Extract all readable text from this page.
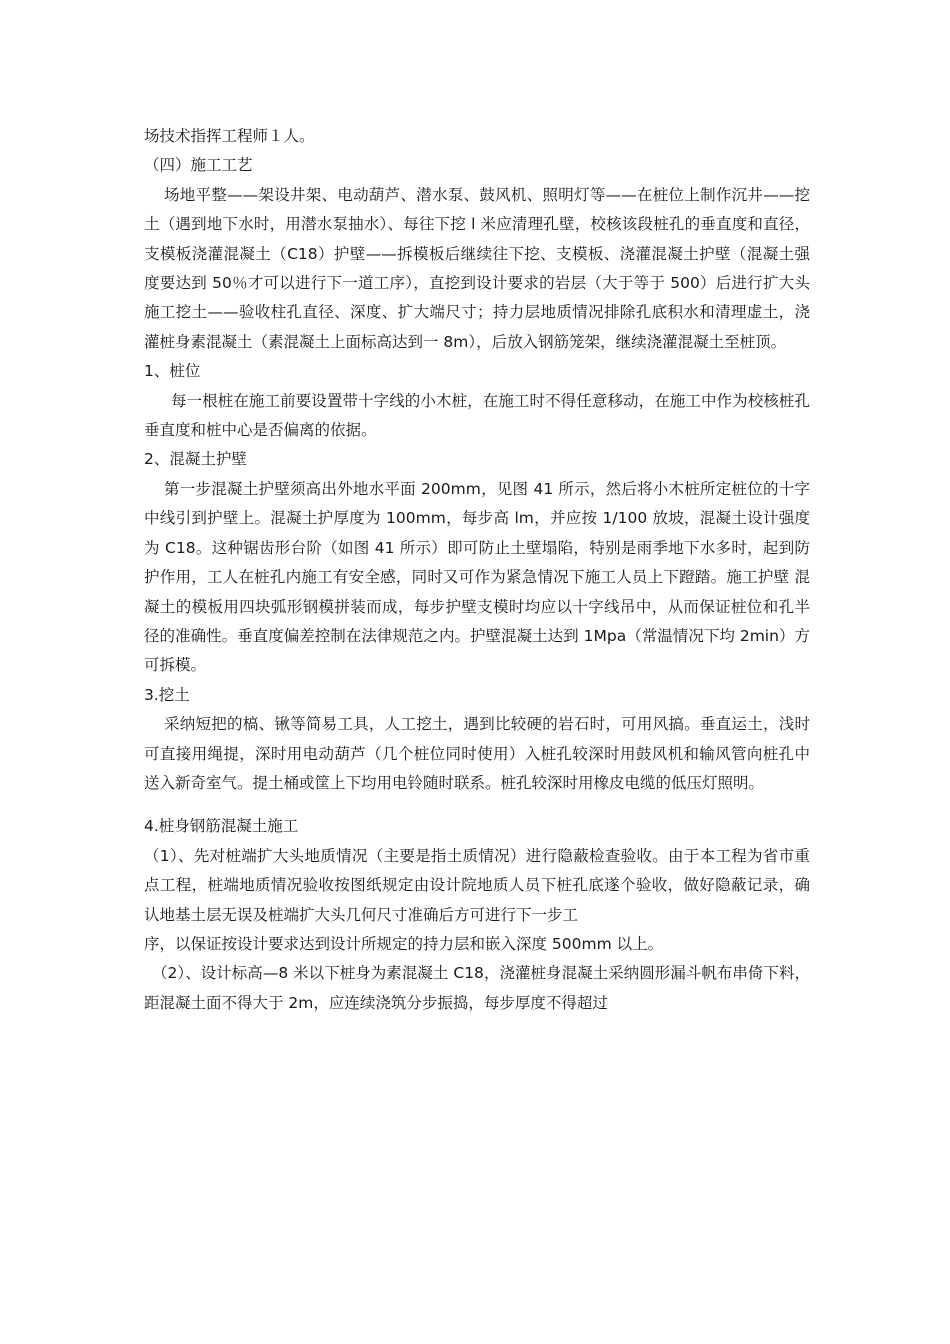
场技术指挥工程师１人。

（四）施工工艺

场地平整——架设井架、电动葫芦、潜水泵、鼓风机、照明灯等——在桩位上制作沉井——挖土（遇到地下水时，用潜水泵抽水）、每往下挖 l 米应清理孔壁，校核该段桩孔的垂直度和直径，支模板浇灌混凝土（C18）护壁——拆模板后继续往下挖、支模板、浇灌混凝土护壁（混凝土强度要达到 50％才可以进行下一道工序），直挖到设计要求的岩层（大于等于 500）后进行扩大头施工挖土——验收柱孔直径、深度、扩大端尺寸；持力层地质情况排除孔底积水和清理虚土，浇灌桩身素混凝土（素混凝土上面标高达到一 8m），后放入钢筋笼架，继续浇灌混凝土至桩顶。

1、桩位

每一根桩在施工前要设置带十字线的小木桩，在施工时不得任意移动，在施工中作为校核桩孔垂直度和桩中心是否偏离的依据。

2、混凝土护壁

第一步混凝土护壁须高出外地水平面 200mm，见图 41 所示，然后将小木桩所定桩位的十字中线引到护壁上。混凝土护厚度为 100mm，每步高 lm，并应按 1/100 放坡，混凝土设计强度为 C18。这种锯齿形台阶（如图 41 所示）即可防止土壁塌陷，特别是雨季地下水多时，起到防护作用，工人在桩孔内施工有安全感，同时又可作为紧急情况下施工人员上下蹬踏。施工护壁 混凝土的模板用四块弧形钢模拼装而成，每步护壁支模时均应以十字线吊中，从而保证桩位和孔半径的准确性。垂直度偏差控制在法律规范之内。护壁混凝土达到 1Mpa（常温情况下均 2min）方可拆模。

3.挖土

采纳短把的槁、锹等简易工具，人工挖土，遇到比较硬的岩石时，可用风搞。垂直运土，浅时可直接用绳提，深时用电动葫芦（几个桩位同时使用）入桩孔较深时用鼓风机和输风管向桩孔中送入新奇室气。提土桶或筐上下均用电铃随时联系。桩孔较深时用橡皮电缆的低压灯照明。

4.桩身钢筋混凝土施工

（1）、先对桩端扩大头地质情况（主要是指土质情况）进行隐蔽检查验收。由于本工程为省市重点工程，桩端地质情况验收按图纸规定由设计院地质人员下桩孔底遂个验收，做好隐蔽记录，确认地基土层无误及桩端扩大头几何尺寸准确后方可进行下一步工

序，以保证按设计要求达到设计所规定的持力层和嵌入深度 500mm 以上。

（2）、设计标高—8 米以下桩身为素混凝土 C18，浇灌桩身混凝土采纳圆形漏斗帆布串倚下料，距混凝土面不得大于 2m，应连续浇筑分步振捣，每步厚度不得超过
